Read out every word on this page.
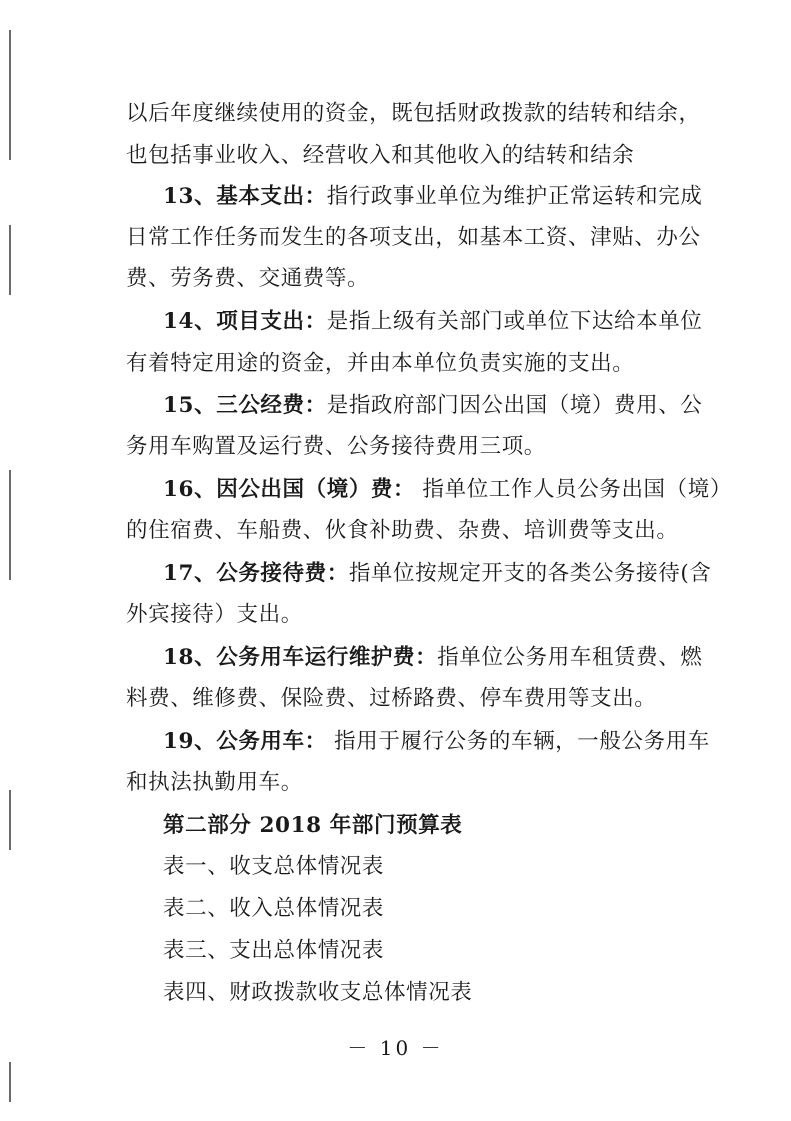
以后年度继续使用的资金，既包括财政拨款的结转和结余，
也包括事业收入、经营收入和其他收入的结转和结余
13、基本支出：指行政事业单位为维护正常运转和完成
日常工作任务而发生的各项支出，如基本工资、津贴、办公
费、劳务费、交通费等。
14、项目支出：是指上级有关部门或单位下达给本单位
有着特定用途的资金，并由本单位负责实施的支出。
15、三公经费：是指政府部门因公出国（境）费用、公
务用车购置及运行费、公务接待费用三项。
16、因公出国（境）费： 指单位工作人员公务出国（境）
的住宿费、车船费、伙食补助费、杂费、培训费等支出。
17、公务接待费：指单位按规定开支的各类公务接待(含
外宾接待）支出。
18、公务用车运行维护费：指单位公务用车租赁费、燃
料费、维修费、保险费、过桥路费、停车费用等支出。
19、公务用车： 指用于履行公务的车辆，一般公务用车
和执法执勤用车。
第二部分 2018 年部门预算表
表一、收支总体情况表
表二、收入总体情况表
表三、支出总体情况表
表四、财政拨款收支总体情况表
－ 10 －
